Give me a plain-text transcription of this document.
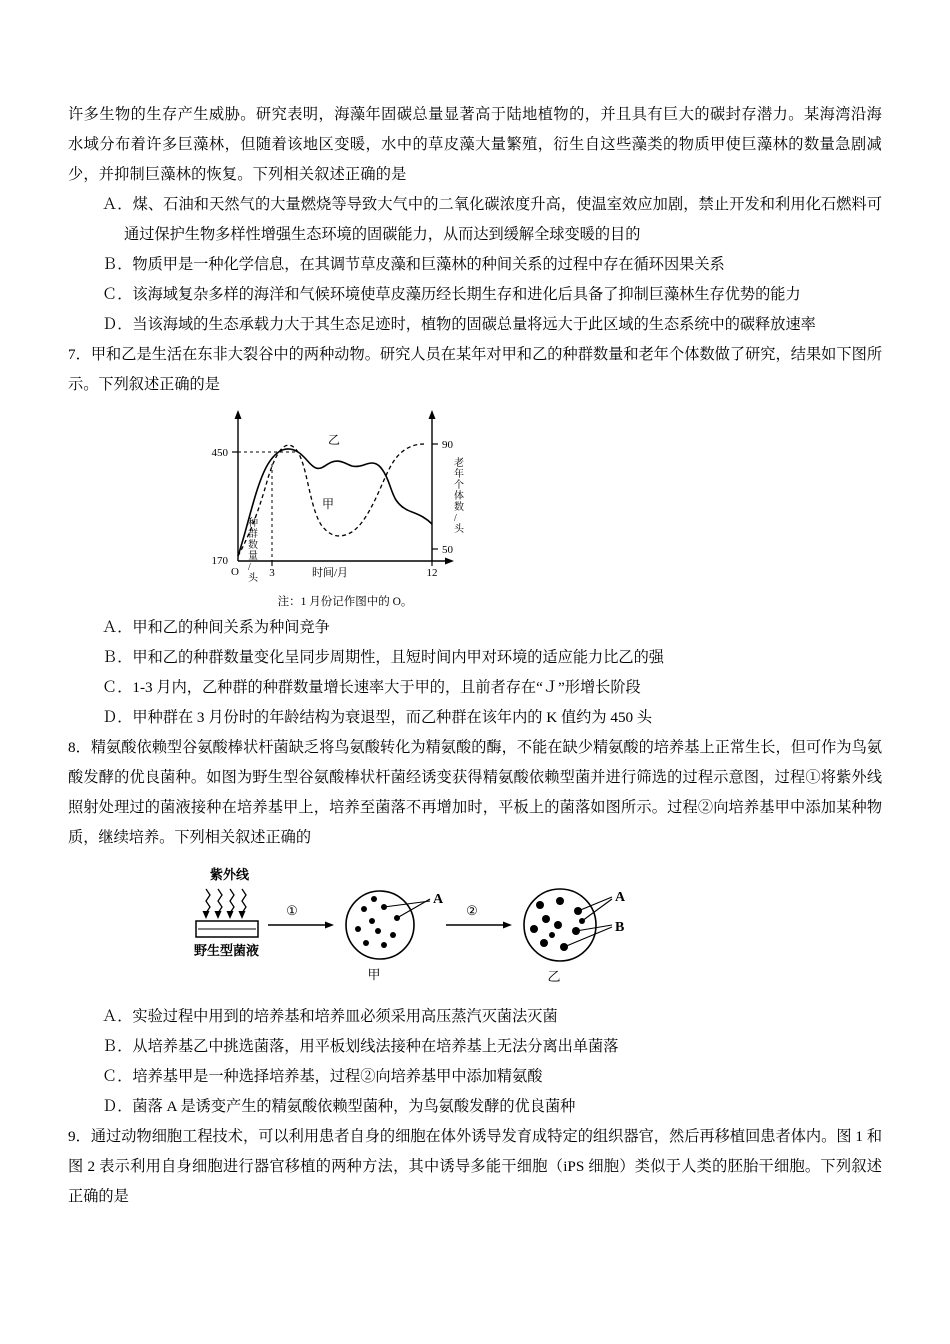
许多生物的生存产生威胁。研究表明，海藻年固碳总量显著高于陆地植物的，并且具有巨大的碳封存潜力。某海湾沿海水域分布着许多巨藻林，但随着该地区变暖，水中的草皮藻大量繁殖，衍生自这些藻类的物质甲使巨藻林的数量急剧减少，并抑制巨藻林的恢复。下列相关叙述正确的是

Ａ．煤、石油和天然气的大量燃烧等导致大气中的二氧化碳浓度升高，使温室效应加剧，禁止开发和利用化石燃料可通过保护生物多样性增强生态环境的固碳能力，从而达到缓解全球变暖的目的

Ｂ．物质甲是一种化学信息，在其调节草皮藻和巨藻林的种间关系的过程中存在循环因果关系

Ｃ．该海域复杂多样的海洋和气候环境使草皮藻历经长期生存和进化后具备了抑制巨藻林生存优势的能力

Ｄ．当该海域的生态承载力大于其生态足迹时，植物的固碳总量将远大于此区域的生态系统中的碳释放速率

7．甲和乙是生活在东非大裂谷中的两种动物。研究人员在某年对甲和乙的种群数量和老年个体数做了研究，结果如下图所示。下列叙述正确的是

450
170
90
50
O	3	时间/月	12
种 群 数 量 / 头
老 年 个 体 数 / 头
乙
甲
注：1 月份记作图中的 O。

Ａ．甲和乙的种间关系为种间竞争

Ｂ．甲和乙的种群数量变化呈同步周期性，且短时间内甲对环境的适应能力比乙的强

Ｃ．1-3 月内，乙种群的种群数量增长速率大于甲的，且前者存在“Ｊ”形增长阶段

Ｄ．甲种群在 3 月份时的年龄结构为衰退型，而乙种群在该年内的 K 值约为 450 头

8．精氨酸依赖型谷氨酸棒状杆菌缺乏将鸟氨酸转化为精氨酸的酶，不能在缺少精氨酸的培养基上正常生长，但可作为鸟氨酸发酵的优良菌种。如图为野生型谷氨酸棒状杆菌经诱变获得精氨酸依赖型菌并进行筛选的过程示意图，过程①将紫外线照射处理过的菌液接种在培养基甲上，培养至菌落不再增加时，平板上的菌落如图所示。过程②向培养基甲中添加某种物质，继续培养。下列相关叙述正确的

紫外线
野生型菌液
①
A
甲
②
A
B
乙

Ａ．实验过程中用到的培养基和培养皿必须采用高压蒸汽灭菌法灭菌

Ｂ．从培养基乙中挑选菌落，用平板划线法接种在培养基上无法分离出单菌落

Ｃ．培养基甲是一种选择培养基，过程②向培养基甲中添加精氨酸

Ｄ．菌落 A 是诱变产生的精氨酸依赖型菌种，为鸟氨酸发酵的优良菌种

9．通过动物细胞工程技术，可以利用患者自身的细胞在体外诱导发育成特定的组织器官，然后再移植回患者体内。图 1 和图 2 表示利用自身细胞进行器官移植的两种方法，其中诱导多能干细胞（iPS 细胞）类似于人类的胚胎干细胞。下列叙述正确的是
